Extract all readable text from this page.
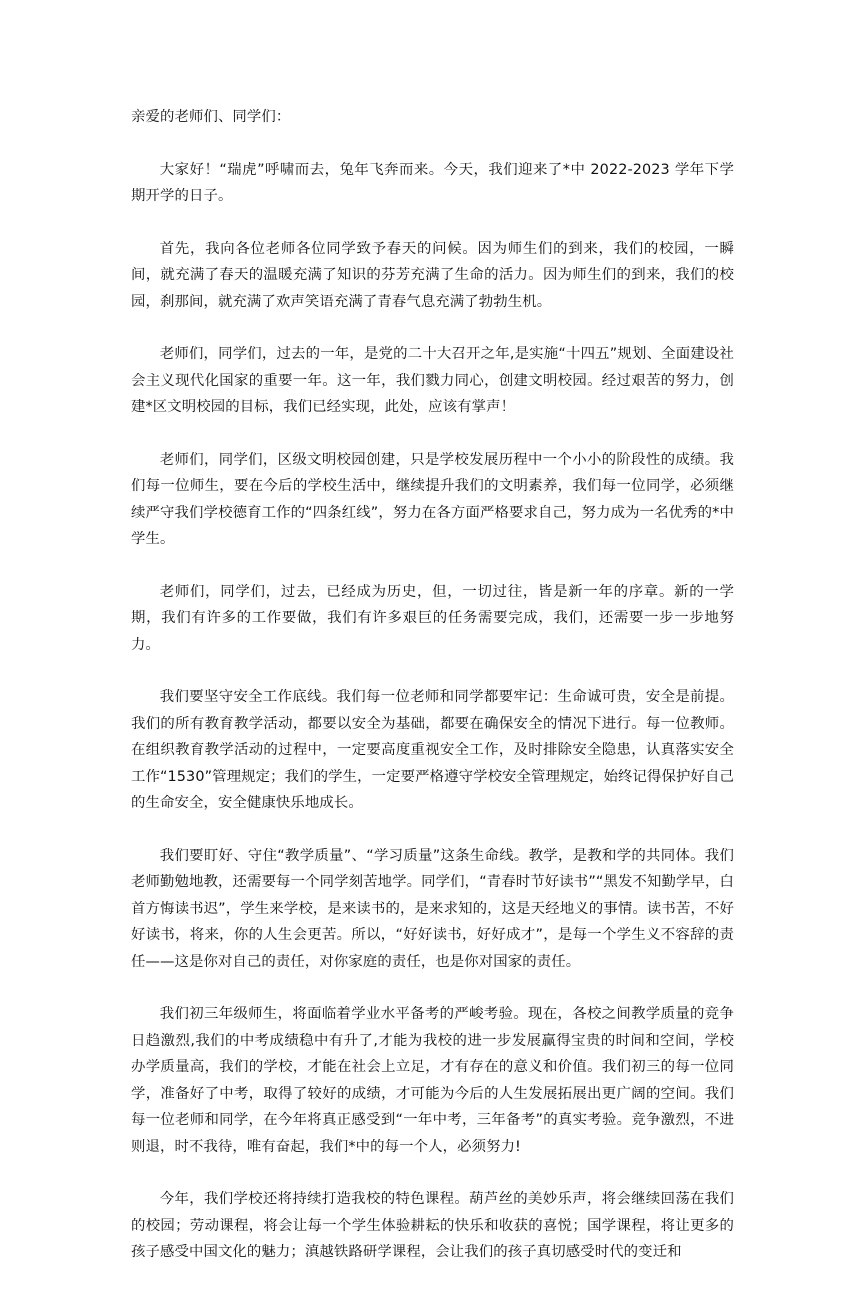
亲爱的老师们、同学们：

大家好！“瑞虎”呼啸而去，兔年飞奔而来。今天，我们迎来了*中 2022-2023 学年下学期开学的日子。

首先，我向各位老师各位同学致予春天的问候。因为师生们的到来，我们的校园，一瞬间，就充满了春天的温暖充满了知识的芬芳充满了生命的活力。因为师生们的到来，我们的校园，刹那间，就充满了欢声笑语充满了青春气息充满了勃勃生机。

老师们，同学们，过去的一年，是党的二十大召开之年,是实施“十四五”规划、全面建设社会主义现代化国家的重要一年。这一年，我们戮力同心，创建文明校园。经过艰苦的努力，创建*区文明校园的目标，我们已经实现，此处，应该有掌声！

老师们，同学们，区级文明校园创建，只是学校发展历程中一个小小的阶段性的成绩。我们每一位师生，要在今后的学校生活中，继续提升我们的文明素养，我们每一位同学，必须继续严守我们学校德育工作的“四条红线”，努力在各方面严格要求自己，努力成为一名优秀的*中学生。

老师们，同学们，过去，已经成为历史，但，一切过往，皆是新一年的序章。新的一学期，我们有许多的工作要做，我们有许多艰巨的任务需要完成，我们，还需要一步一步地努力。

我们要坚守安全工作底线。我们每一位老师和同学都要牢记：生命诚可贵，安全是前提。我们的所有教育教学活动，都要以安全为基础，都要在确保安全的情况下进行。每一位教师。在组织教育教学活动的过程中，一定要高度重视安全工作，及时排除安全隐患，认真落实安全工作“1530”管理规定；我们的学生，一定要严格遵守学校安全管理规定，始终记得保护好自己的生命安全，安全健康快乐地成长。

我们要盯好、守住“教学质量”、“学习质量”这条生命线。教学，是教和学的共同体。我们老师勤勉地教，还需要每一个同学刻苦地学。同学们，“青春时节好读书”“黑发不知勤学早，白首方悔读书迟”，学生来学校，是来读书的，是来求知的，这是天经地义的事情。读书苦，不好好读书，将来，你的人生会更苦。所以，“好好读书，好好成才”，是每一个学生义不容辞的责任——这是你对自己的责任，对你家庭的责任，也是你对国家的责任。

我们初三年级师生，将面临着学业水平备考的严峻考验。现在，各校之间教学质量的竞争日趋激烈,我们的中考成绩稳中有升了,才能为我校的进一步发展赢得宝贵的时间和空间，学校办学质量高，我们的学校，才能在社会上立足，才有存在的意义和价值。我们初三的每一位同学，准备好了中考，取得了较好的成绩，才可能为今后的人生发展拓展出更广阔的空间。我们每一位老师和同学，在今年将真正感受到“一年中考，三年备考”的真实考验。竞争激烈，不进则退，时不我待，唯有奋起，我们*中的每一个人，必须努力!

今年，我们学校还将持续打造我校的特色课程。葫芦丝的美妙乐声，将会继续回荡在我们的校园；劳动课程，将会让每一个学生体验耕耘的快乐和收获的喜悦；国学课程，将让更多的孩子感受中国文化的魅力；滇越铁路研学课程，会让我们的孩子真切感受时代的变迁和
